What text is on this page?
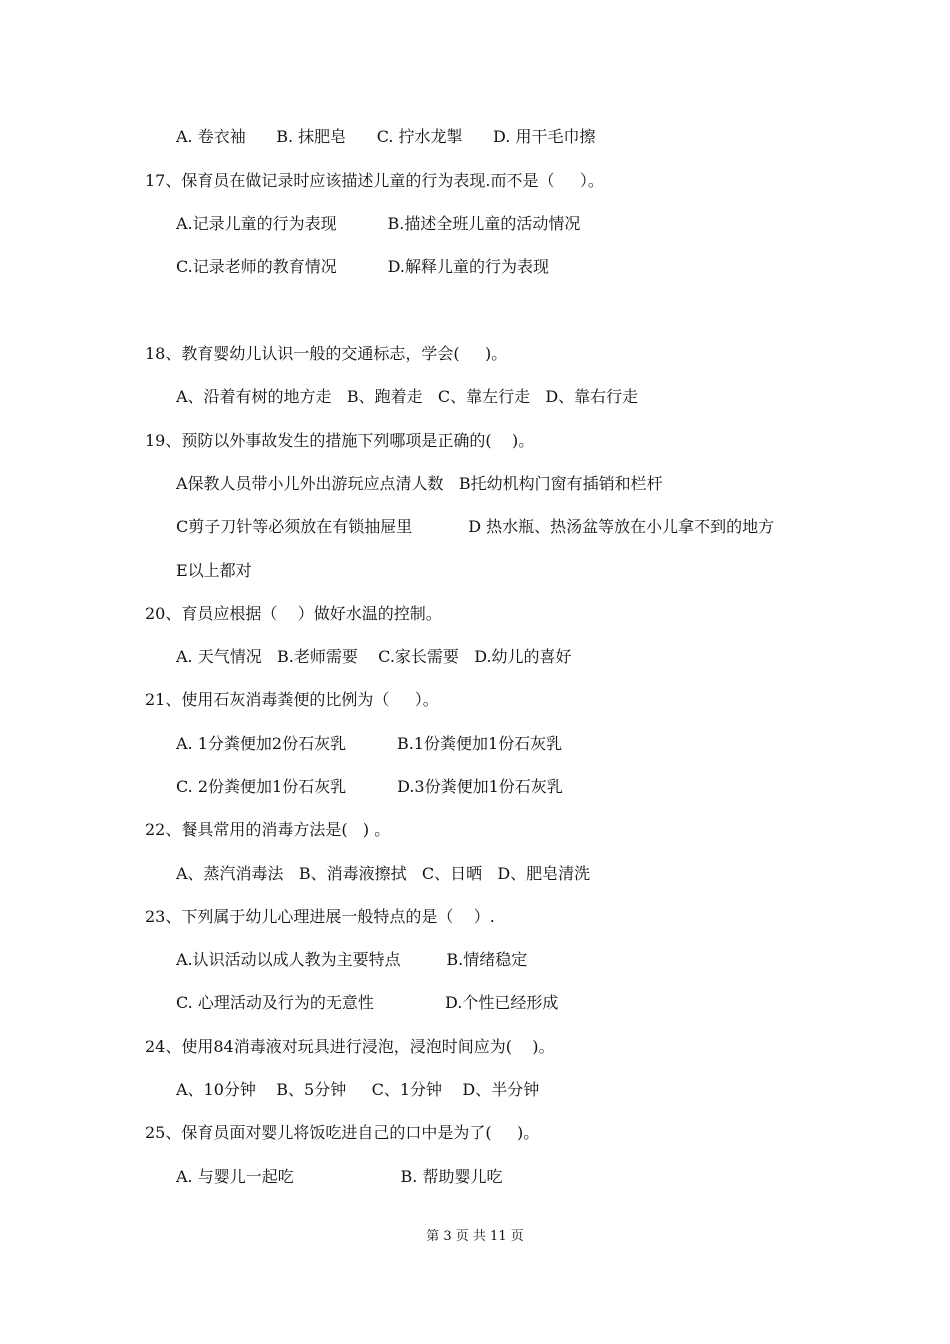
A. 卷衣袖      B. 抹肥皂      C. 拧水龙掣      D. 用干毛巾擦
17、保育员在做记录时应该描述儿童的行为表现.而不是（     ）。
A.记录儿童的行为表现          B.描述全班儿童的活动情况
C.记录老师的教育情况          D.解释儿童的行为表现
18、教育婴幼儿认识一般的交通标志，学会(     )。
A、沿着有树的地方走   B、跑着走   C、靠左行走   D、靠右行走
19、预防以外事故发生的措施下列哪项是正确的(    )。
A保教人员带小儿外出游玩应点清人数   B托幼机构门窗有插销和栏杆
C剪子刀针等必须放在有锁抽屉里           D 热水瓶、热汤盆等放在小儿拿不到的地方
E以上都对
20、育员应根据（    ）做好水温的控制。
A. 天气情况   B.老师需要    C.家长需要   D.幼儿的喜好
21、使用石灰消毒粪便的比例为（     ）。
A. 1分粪便加2份石灰乳          B.1份粪便加1份石灰乳
C. 2份粪便加1份石灰乳          D.3份粪便加1份石灰乳
22、餐具常用的消毒方法是(   ) 。
A、蒸汽消毒法   B、消毒液擦拭   C、日晒   D、肥皂清洗
23、下列属于幼儿心理进展一般特点的是（    ）.
A.认识活动以成人教为主要特点         B.情绪稳定
C. 心理活动及行为的无意性              D.个性已经形成
24、使用84消毒液对玩具进行浸泡，浸泡时间应为(    )。
A、10分钟    B、5分钟     C、1分钟    D、半分钟
25、保育员面对婴儿将饭吃进自己的口中是为了(     )。
A. 与婴儿一起吃                     B. 帮助婴儿吃
第 3 页 共 11 页
